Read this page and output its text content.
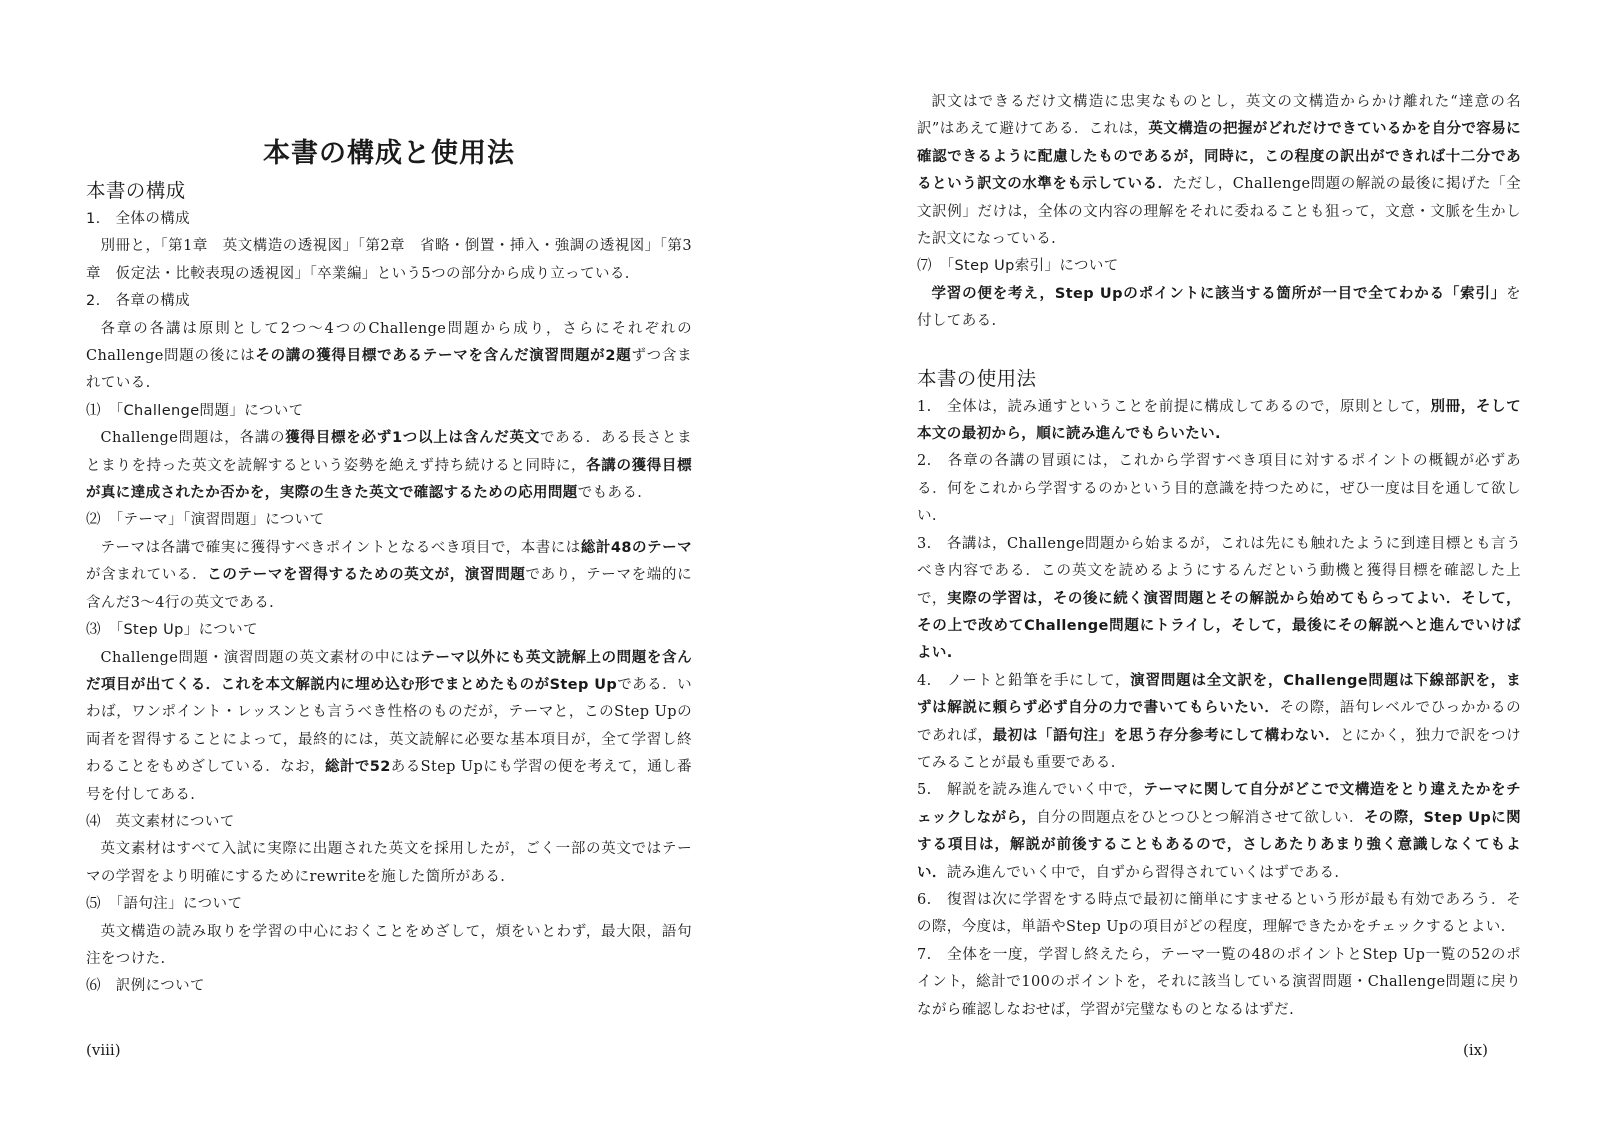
本書の構成と使用法
本書の構成

1.　全体の構成

別冊と，「第1章　英文構造の透視図」「第2章　省略・倒置・挿入・強調の透視図」「第3章　仮定法・比較表現の透視図」「卒業編」という5つの部分から成り立っている.

2.　各章の構成

各章の各講は原則として2つ～4つのChallenge問題から成り，さらにそれぞれのChallenge問題の後にはその講の獲得目標であるテーマを含んだ演習問題が2題ずつ含まれている.

⑴　「Challenge問題」について

Challenge問題は，各講の獲得目標を必ず1つ以上は含んだ英文である．ある長さとまとまりを持った英文を読解するという姿勢を絶えず持ち続けると同時に，各講の獲得目標が真に達成されたか否かを，実際の生きた英文で確認するための応用問題でもある.

⑵　「テーマ」「演習問題」について

テーマは各講で確実に獲得すべきポイントとなるべき項目で，本書には総計48のテーマが含まれている．このテーマを習得するための英文が，演習問題であり，テーマを端的に含んだ3～4行の英文である.

⑶　「Step Up」について

Challenge問題・演習問題の英文素材の中にはテーマ以外にも英文読解上の問題を含んだ項目が出てくる．これを本文解説内に埋め込む形でまとめたものがStep Upである．いわば，ワンポイント・レッスンとも言うべき性格のものだが，テーマと，このStep Upの両者を習得することによって，最終的には，英文読解に必要な基本項目が，全て学習し終わることをもめざしている．なお，総計で52あるStep Upにも学習の便を考えて，通し番号を付してある.

⑷　英文素材について

英文素材はすべて入試に実際に出題された英文を採用したが，ごく一部の英文ではテーマの学習をより明確にするためにrewriteを施した箇所がある.

⑸　「語句注」について

英文構造の読み取りを学習の中心におくことをめざして，煩をいとわず，最大限，語句注をつけた.

⑹　訳例について

(viii)

訳文はできるだけ文構造に忠実なものとし，英文の文構造からかけ離れた“達意の名訳”はあえて避けてある．これは，英文構造の把握がどれだけできているかを自分で容易に確認できるように配慮したものであるが，同時に，この程度の訳出ができれば十二分であるという訳文の水準をも示している．ただし，Challenge問題の解説の最後に掲げた「全文訳例」だけは，全体の文内容の理解をそれに委ねることも狙って，文意・文脈を生かした訳文になっている.

⑺　「Step Up索引」について

学習の便を考え，Step Upのポイントに該当する箇所が一目で全てわかる「索引」を付してある.

本書の使用法

1.　全体は，読み通すということを前提に構成してあるので，原則として，別冊，そして本文の最初から，順に読み進んでもらいたい.

2.　各章の各講の冒頭には，これから学習すべき項目に対するポイントの概観が必ずある．何をこれから学習するのかという目的意識を持つために，ぜひ一度は目を通して欲しい.

3.　各講は，Challenge問題から始まるが，これは先にも触れたように到達目標とも言うべき内容である．この英文を読めるようにするんだという動機と獲得目標を確認した上で，実際の学習は，その後に続く演習問題とその解説から始めてもらってよい．そして，その上で改めてChallenge問題にトライし，そして，最後にその解説へと進んでいけばよい.

4.　ノートと鉛筆を手にして，演習問題は全文訳を，Challenge問題は下線部訳を，まずは解説に頼らず必ず自分の力で書いてもらいたい．その際，語句レベルでひっかかるのであれば，最初は「語句注」を思う存分参考にして構わない．とにかく，独力で訳をつけてみることが最も重要である.

5.　解説を読み進んでいく中で，テーマに関して自分がどこで文構造をとり違えたかをチェックしながら，自分の問題点をひとつひとつ解消させて欲しい．その際，Step Upに関する項目は，解説が前後することもあるので，さしあたりあまり強く意識しなくてもよい．読み進んでいく中で，自ずから習得されていくはずである.

6.　復習は次に学習をする時点で最初に簡単にすませるという形が最も有効であろう．その際，今度は，単語やStep Upの項目がどの程度，理解できたかをチェックするとよい.

7.　全体を一度，学習し終えたら，テーマ一覧の48のポイントとStep Up一覧の52のポイント，総計で100のポイントを，それに該当している演習問題・Challenge問題に戻りながら確認しなおせば，学習が完璧なものとなるはずだ.

(ix)
